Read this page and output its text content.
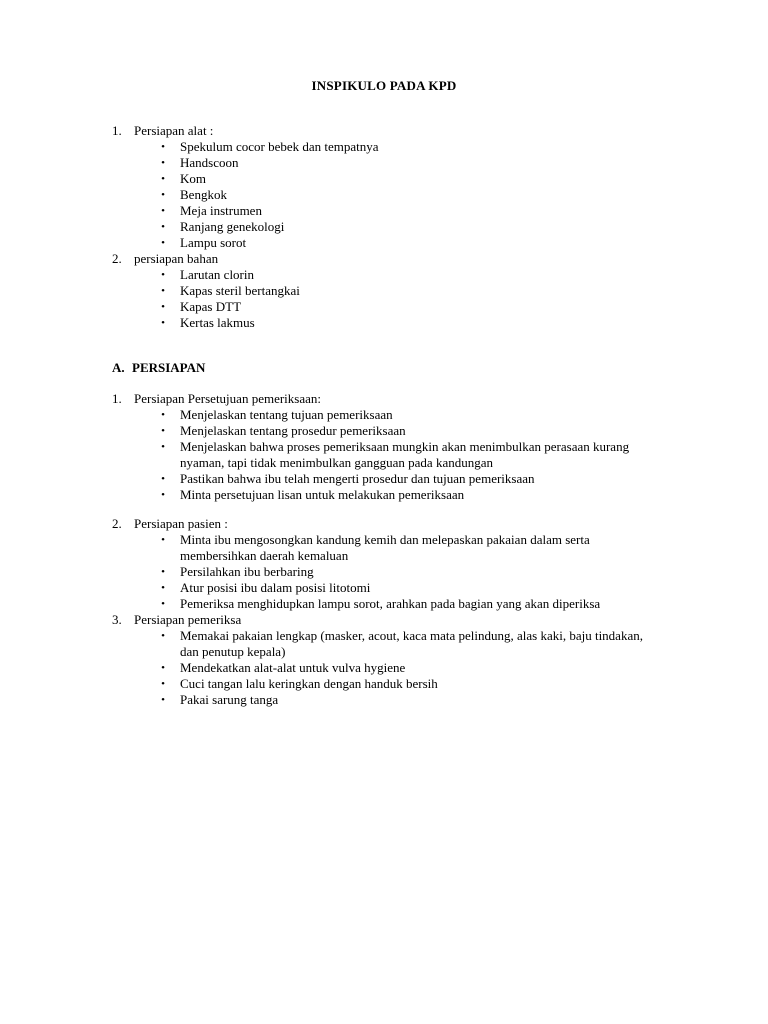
INSPIKULO PADA KPD
1. Persiapan alat :
• Spekulum cocor bebek dan tempatnya
• Handscoon
• Kom
• Bengkok
• Meja instrumen
• Ranjang genekologi
• Lampu sorot
2. persiapan bahan
• Larutan clorin
• Kapas steril bertangkai
• Kapas DTT
• Kertas lakmus
A. PERSIAPAN
1. Persiapan Persetujuan pemeriksaan:
• Menjelaskan tentang tujuan pemeriksaan
• Menjelaskan tentang prosedur pemeriksaan
• Menjelaskan bahwa proses pemeriksaan mungkin akan menimbulkan perasaan kurang nyaman, tapi tidak menimbulkan gangguan pada kandungan
• Pastikan bahwa ibu telah mengerti prosedur dan tujuan pemeriksaan
• Minta persetujuan lisan untuk melakukan pemeriksaan
2. Persiapan pasien :
• Minta ibu mengosongkan kandung kemih dan melepaskan pakaian dalam serta membersihkan daerah kemaluan
• Persilahkan ibu berbaring
• Atur posisi ibu dalam posisi litotomi
• Pemeriksa menghidupkan lampu sorot, arahkan pada bagian yang akan diperiksa
3. Persiapan pemeriksa
• Memakai pakaian lengkap (masker, acout, kaca mata pelindung, alas kaki, baju tindakan, dan penutup kepala)
• Mendekatkan alat-alat untuk vulva hygiene
• Cuci tangan lalu keringkan dengan handuk bersih
• Pakai sarung tanga
